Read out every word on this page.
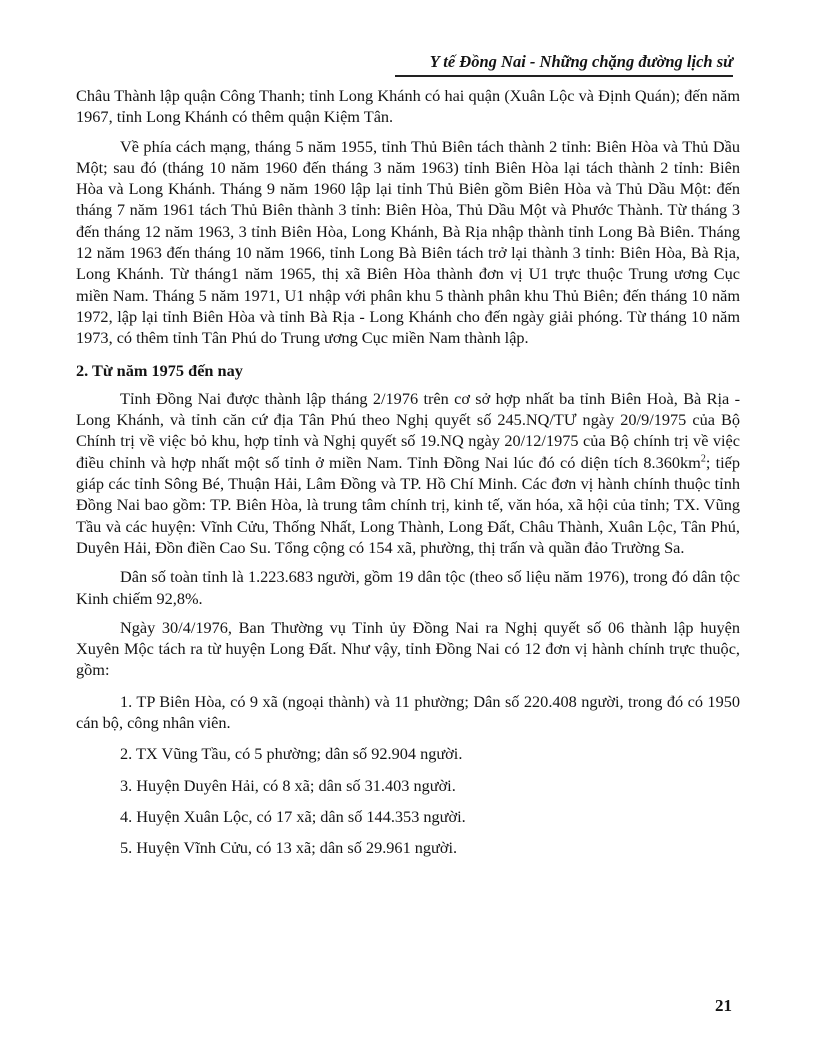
Y tế Đồng Nai - Những chặng đường lịch sử

Châu Thành lập quận Công Thanh; tỉnh Long Khánh có hai quận (Xuân Lộc và Định Quán); đến năm 1967, tỉnh Long Khánh có thêm quận Kiệm Tân.

Về phía cách mạng, tháng 5 năm 1955, tỉnh Thủ Biên tách thành 2 tỉnh: Biên Hòa và Thủ Dầu Một; sau đó (tháng 10 năm 1960 đến tháng 3 năm 1963) tỉnh Biên Hòa lại tách thành 2 tỉnh: Biên Hòa và Long Khánh. Tháng 9 năm 1960 lập lại tỉnh Thủ Biên gồm Biên Hòa và Thủ Dầu Một: đến tháng 7 năm 1961 tách Thủ Biên thành 3 tỉnh: Biên Hòa, Thủ Dầu Một và Phước Thành. Từ tháng 3 đến tháng 12 năm 1963, 3 tỉnh Biên Hòa, Long Khánh, Bà Rịa nhập thành tỉnh Long Bà Biên. Tháng 12 năm 1963 đến tháng 10 năm 1966, tỉnh Long Bà Biên tách trở lại thành 3 tỉnh: Biên Hòa, Bà Rịa, Long Khánh. Từ tháng1 năm 1965, thị xã Biên Hòa thành đơn vị U1 trực thuộc Trung ương Cục miền Nam. Tháng 5 năm 1971, U1 nhập với phân khu 5 thành phân khu Thủ Biên; đến tháng 10 năm 1972, lập lại tỉnh Biên Hòa và tỉnh Bà Rịa - Long Khánh cho đến ngày giải phóng. Từ tháng 10 năm 1973, có thêm tỉnh Tân Phú do Trung ương Cục miền Nam thành lập.

2. Từ năm 1975 đến nay

Tỉnh Đồng Nai được thành lập tháng 2/1976 trên cơ sở hợp nhất ba tỉnh Biên Hoà, Bà Rịa - Long Khánh, và tỉnh căn cứ địa Tân Phú theo Nghị quyết số 245.NQ/TƯ ngày 20/9/1975 của Bộ Chính trị về việc bỏ khu, hợp tỉnh và Nghị quyết số 19.NQ ngày 20/12/1975 của Bộ chính trị về việc điều chỉnh và hợp nhất một số tỉnh ở miền Nam. Tỉnh Đồng Nai lúc đó có diện tích $8.360km^2$; tiếp giáp các tỉnh Sông Bé, Thuận Hải, Lâm Đồng và TP. Hồ Chí Minh. Các đơn vị hành chính thuộc tỉnh Đồng Nai bao gồm: TP. Biên Hòa, là trung tâm chính trị, kinh tế, văn hóa, xã hội của tỉnh; TX. Vũng Tầu và các huyện: Vĩnh Cửu, Thống Nhất, Long Thành, Long Đất, Châu Thành, Xuân Lộc, Tân Phú, Duyên Hải, Đồn điền Cao Su. Tổng cộng có 154 xã, phường, thị trấn và quần đảo Trường Sa.

Dân số toàn tỉnh là 1.223.683 người, gồm 19 dân tộc (theo số liệu năm 1976), trong đó dân tộc Kinh chiếm 92,8%.

Ngày 30/4/1976, Ban Thường vụ Tỉnh ủy Đồng Nai ra Nghị quyết số 06 thành lập huyện Xuyên Mộc tách ra từ huyện Long Đất. Như vậy, tỉnh Đồng Nai có 12 đơn vị hành chính trực thuộc, gồm:

1. TP Biên Hòa, có 9 xã (ngoại thành) và 11 phường; Dân số 220.408 người, trong đó có 1950 cán bộ, công nhân viên.

2. TX Vũng Tầu, có 5 phường; dân số 92.904 người.

3. Huyện Duyên Hải, có 8 xã; dân số 31.403 người.

4. Huyện Xuân Lộc, có 17 xã; dân số 144.353 người.

5. Huyện Vĩnh Cửu, có 13 xã; dân số 29.961 người.

21
